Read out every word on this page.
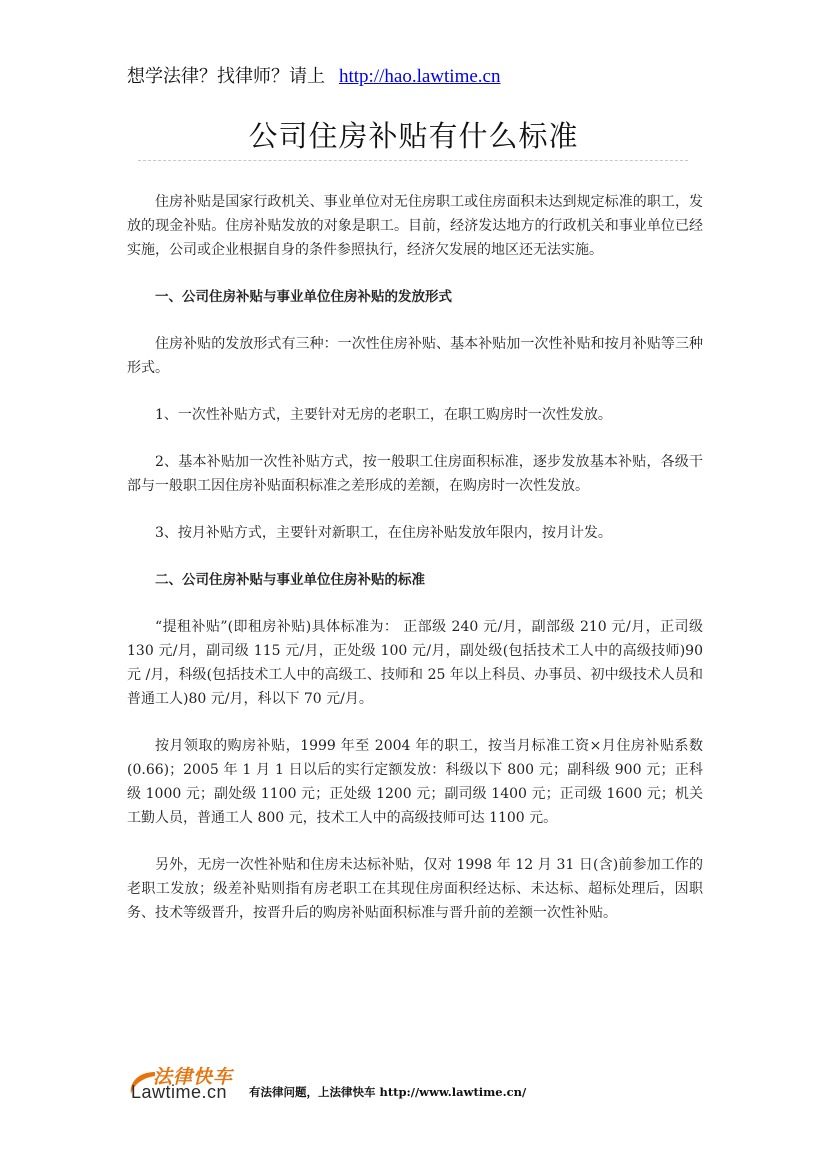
想学法律？找律师？请上 http://hao.lawtime.cn
公司住房补贴有什么标准

住房补贴是国家行政机关、事业单位对无住房职工或住房面积未达到规定标准的职工，发放的现金补贴。住房补贴发放的对象是职工。目前，经济发达地方的行政机关和事业单位已经实施，公司或企业根据自身的条件参照执行，经济欠发展的地区还无法实施。

一、公司住房补贴与事业单位住房补贴的发放形式

住房补贴的发放形式有三种：一次性住房补贴、基本补贴加一次性补贴和按月补贴等三种形式。

1、一次性补贴方式，主要针对无房的老职工，在职工购房时一次性发放。

2、基本补贴加一次性补贴方式，按一般职工住房面积标准，逐步发放基本补贴，各级干部与一般职工因住房补贴面积标准之差形成的差额，在购房时一次性发放。

3、按月补贴方式，主要针对新职工，在住房补贴发放年限内，按月计发。

二、公司住房补贴与事业单位住房补贴的标准

“提租补贴”(即租房补贴)具体标准为： 正部级 240 元/月，副部级 210 元/月，正司级 130 元/月，副司级 115 元/月，正处级 100 元/月，副处级(包括技术工人中的高级技师)90 元 /月，科级(包括技术工人中的高级工、技师和 25 年以上科员、办事员、初中级技术人员和普通工人)80 元/月，科以下 70 元/月。

按月领取的购房补贴，1999 年至 2004 年的职工，按当月标准工资×月住房补贴系数(0.66)；2005 年 1 月 1 日以后的实行定额发放：科级以下 800 元；副科级 900 元；正科级 1000 元；副处级 1100 元；正处级 1200 元；副司级 1400 元；正司级 1600 元；机关工勤人员，普通工人 800 元，技术工人中的高级技师可达 1100 元。

另外，无房一次性补贴和住房未达标补贴，仅对 1998 年 12 月 31 日(含)前参加工作的老职工发放；级差补贴则指有房老职工在其现住房面积经达标、未达标、超标处理后，因职务、技术等级晋升，按晋升后的购房补贴面积标准与晋升前的差额一次性补贴。

法律快车
Lawtime.cn 有法律问题，上法律快车 http://www.lawtime.cn/
